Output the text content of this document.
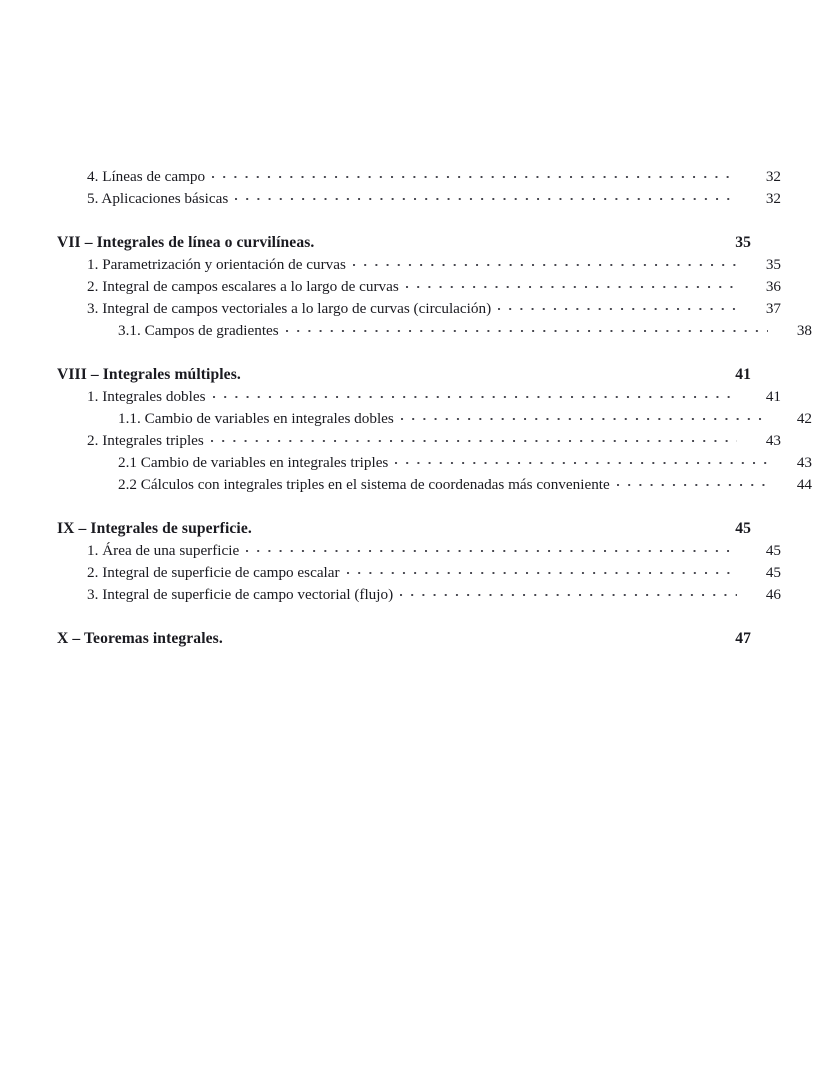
4. Líneas de campo	32
5. Aplicaciones básicas	32
VII – Integrales de línea o curvilíneas.	35
1. Parametrización y orientación de curvas	35
2. Integral de campos escalares a lo largo de curvas	36
3. Integral de campos vectoriales a lo largo de curvas (circulación)	37
3.1. Campos de gradientes	38
VIII – Integrales múltiples.	41
1. Integrales dobles	41
1.1. Cambio de variables en integrales dobles	42
2. Integrales triples	43
2.1 Cambio de variables en integrales triples	43
2.2 Cálculos con integrales triples en el sistema de coordenadas más conveniente	44
IX – Integrales de superficie.	45
1. Área de una superficie	45
2. Integral de superficie de campo escalar	45
3. Integral de superficie de campo vectorial (flujo)	46
X – Teoremas integrales.	47
